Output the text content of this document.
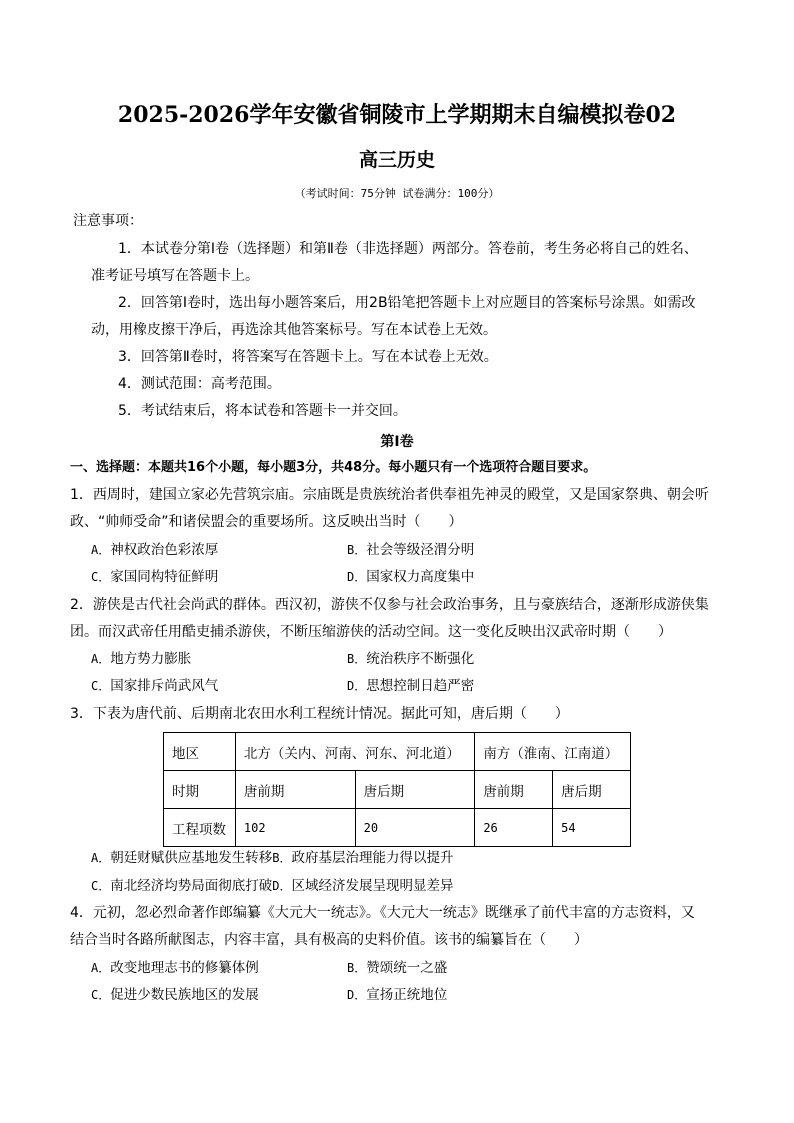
2025-2026学年安徽省铜陵市上学期期末自编模拟卷02
高三历史
（考试时间：75分钟 试卷满分：100分）
注意事项：
1．本试卷分第Ⅰ卷（选择题）和第Ⅱ卷（非选择题）两部分。答卷前，考生务必将自己的姓名、
准考证号填写在答题卡上。
2．回答第Ⅰ卷时，选出每小题答案后，用2B铅笔把答题卡上对应题目的答案标号涂黑。如需改
动，用橡皮擦干净后，再选涂其他答案标号。写在本试卷上无效。
3．回答第Ⅱ卷时，将答案写在答题卡上。写在本试卷上无效。
4．测试范围：高考范围。
5．考试结束后，将本试卷和答题卡一并交回。
第Ⅰ卷
一、选择题：本题共16个小题，每小题3分，共48分。每小题只有一个选项符合题目要求。
1．西周时，建国立家必先营筑宗庙。宗庙既是贵族统治者供奉祖先神灵的殿堂，又是国家祭典、朝会听
政、“帅师受命”和诸侯盟会的重要场所。这反映出当时（　　）
A．神权政治色彩浓厚	B．社会等级泾渭分明
C．家国同构特征鲜明	D．国家权力高度集中
2．游侠是古代社会尚武的群体。西汉初，游侠不仅参与社会政治事务，且与豪族结合，逐渐形成游侠集
团。而汉武帝任用酷吏捕杀游侠，不断压缩游侠的活动空间。这一变化反映出汉武帝时期（　　）
A．地方势力膨胀	B．统治秩序不断强化
C．国家排斥尚武风气	D．思想控制日趋严密
3．下表为唐代前、后期南北农田水利工程统计情况。据此可知，唐后期（　　）
地区	北方（关内、河南、河东、河北道）		南方（淮南、江南道）	
时期	唐前期	唐后期	唐前期	唐后期
工程项数	102	20	26	54
A．朝廷财赋供应基地发生转移B．政府基层治理能力得以提升
C．南北经济均势局面彻底打破D．区域经济发展呈现明显差异
4．元初，忽必烈命著作郎编纂《大元大一统志》。《大元大一统志》既继承了前代丰富的方志资料，又
结合当时各路所献图志，内容丰富，具有极高的史料价值。该书的编纂旨在（　　）
A．改变地理志书的修纂体例	B．赞颂统一之盛
C．促进少数民族地区的发展	D．宣扬正统地位
